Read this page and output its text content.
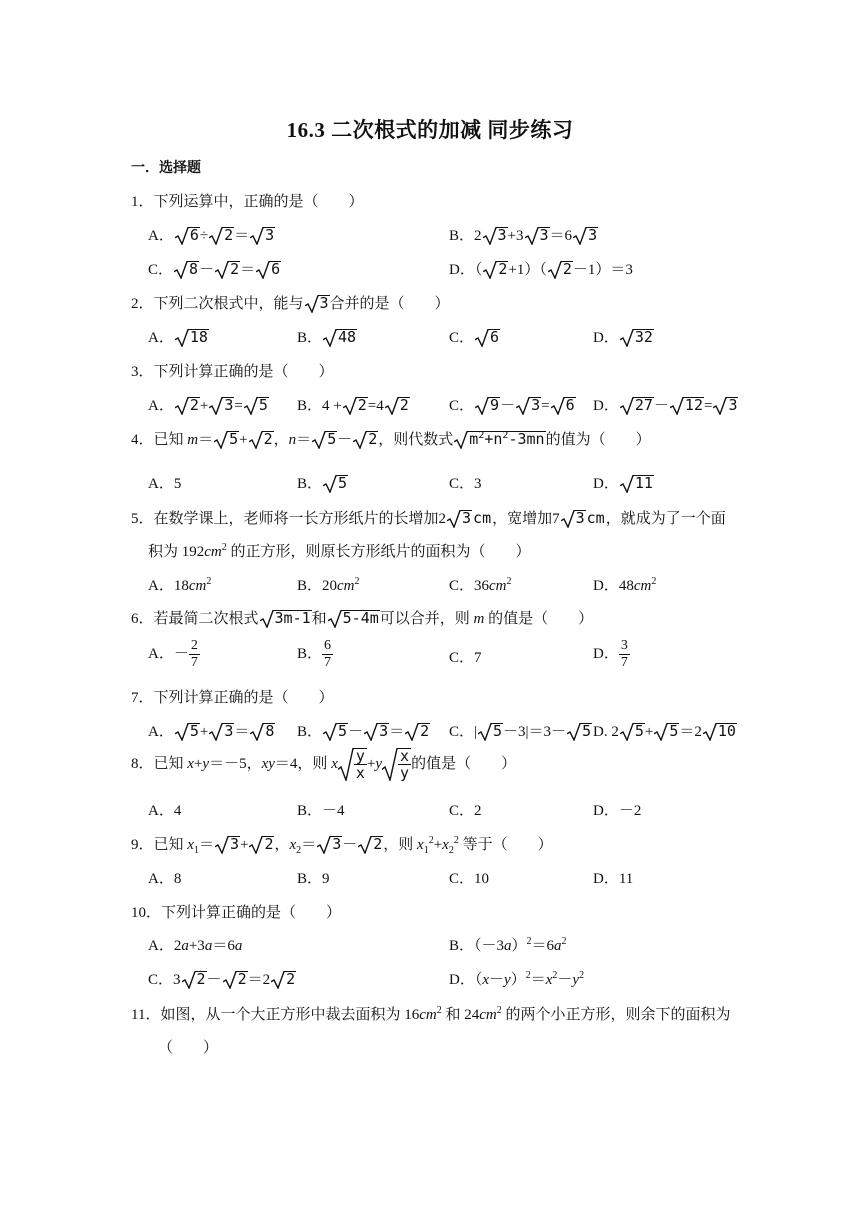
16.3 二次根式的加减 同步练习
一．选择题
1．下列运算中，正确的是（　　）
A． 6÷ 2＝ 3	B．2 3+3 3＝6 3
C． 8－ 2＝ 6	D．（ 2+1）（ 2－1）＝3
2．下列二次根式中，能与 3合并的是（　　）
A． 18	B． 48	C． 6	D． 32
3．下列计算正确的是（　　）
A． 2+ 3= 5 B．4 + 2=4 2	C． 9－ 3= 6 D． 27－ 12= 3
4．已知 m＝ 5+ 2，n＝ 5－ 2，则代数式 $m^2+n^2-3mn$的值为（　　）
A．5	B． 5	C．3	D． 11
5．在数学课上，老师将一长方形纸片的长增加2 3 cm，宽增加7 3 cm，就成为了一个面
积为 $192cm^2$ 的正方形，则原长方形纸片的面积为（　　）
A．$18cm^2$	B．$20cm^2$	C．$36cm^2$	D．$48cm^2$
6．若最简二次根式 3m-1和 5-4m可以合并，则 m 的值是（　　）
A．－ $\frac{2}{7}$	B． $\frac{6}{7}$	C．7	D． $\frac{3}{7}$
7．下列计算正确的是（　　）
A． 5+ 3＝ 8 B． 5－ 3＝ 2 C．| 5－3|＝3－ 5 D. 2 5+ 5＝2 10
8．已知 x+y＝－5，xy＝4，则 x $\frac{y}{x} +y \frac{x}{y}$ 的值是（　　）
A．4	B．－4	C．2	D．－2
9．已知 $x_1= 3+ 2$，$x_2= 3- 2$，则 $x_1^2+x_2^2$ 等于（　　）
A．8	B．9	C．10	D．11
10．下列计算正确的是（　　）
A．2a+3a＝6a	B．$(-3a)^2=6a^2$
C．3 2－ 2＝2 2	D．$(x-y)^2=x^2-y^2$
11．如图，从一个大正方形中裁去面积为 $16cm^2$ 和 $24cm^2$ 的两个小正方形，则余下的面积为
（　　）
